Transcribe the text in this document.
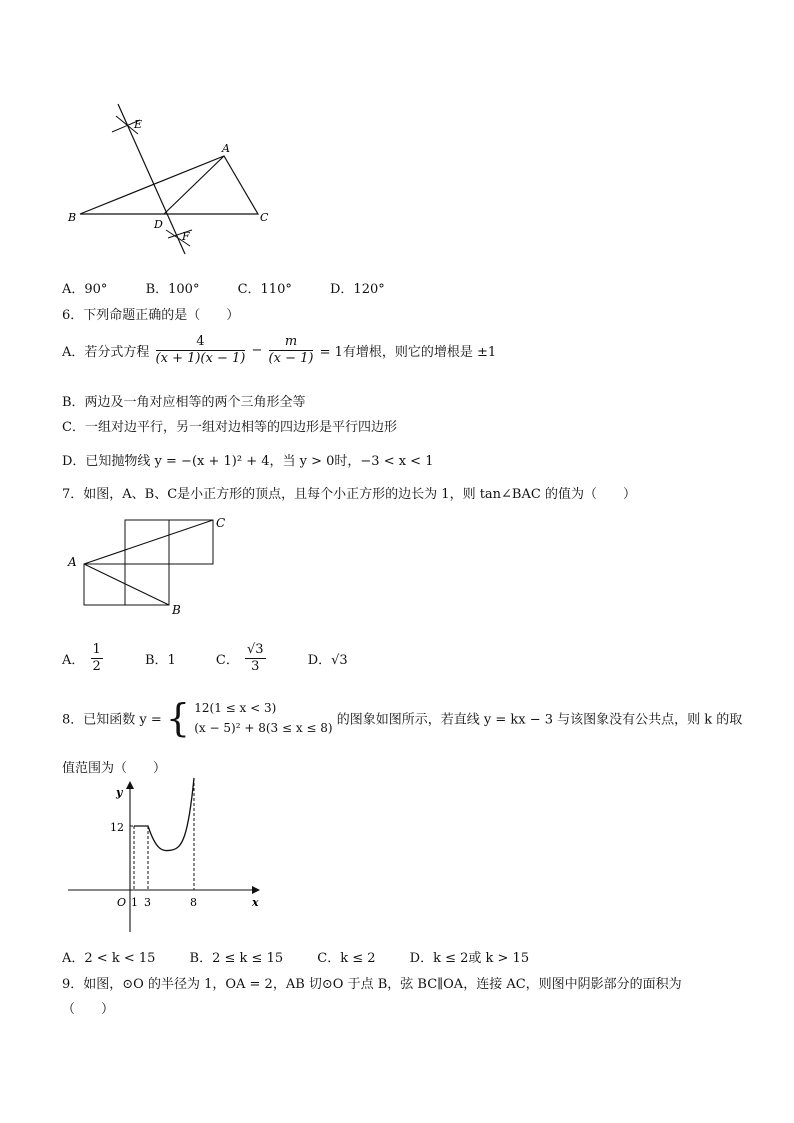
E
A
B
D
C
F
A．90°	B．100°	C．110°	D．120°
6．下列命题正确的是（　　）
A．若分式方程 $\frac{4}{(x + 1)(x - 1)} - \frac{m}{(x - 1)} = 1$有增根，则它的增根是 ±1
B．两边及一角对应相等的两个三角形全等
C．一组对边平行，另一组对边相等的四边形是平行四边形
D．已知抛物线 y = −(x + 1)² + 4，当 y > 0时，−3 < x < 1
7．如图，A、B、C是小正方形的顶点，且每个小正方形的边长为 1，则 tan∠BAC 的值为（　　）
A
C
B
A． $\frac{1}{2}$	B．1	C． $\frac{√3}{3}$	D．√3
8．已知函数 y = { 12(1 ≤ x < 3)
(x − 5)² + 8(3 ≤ x ≤ 8)
的图象如图所示，若直线 y = kx − 3 与该图象没有公共点，则 k 的取
值范围为（　　）
y
x
O
12
1 3	8
A．2 < k < 15	B．2 ≤ k ≤ 15	C．k ≤ 2	D．k ≤ 2或 k > 15
9．如图，⊙O 的半径为 1，OA = 2，AB 切⊙O 于点 B，弦 BC∥OA，连接 AC，则图中阴影部分的面积为
（　　）
